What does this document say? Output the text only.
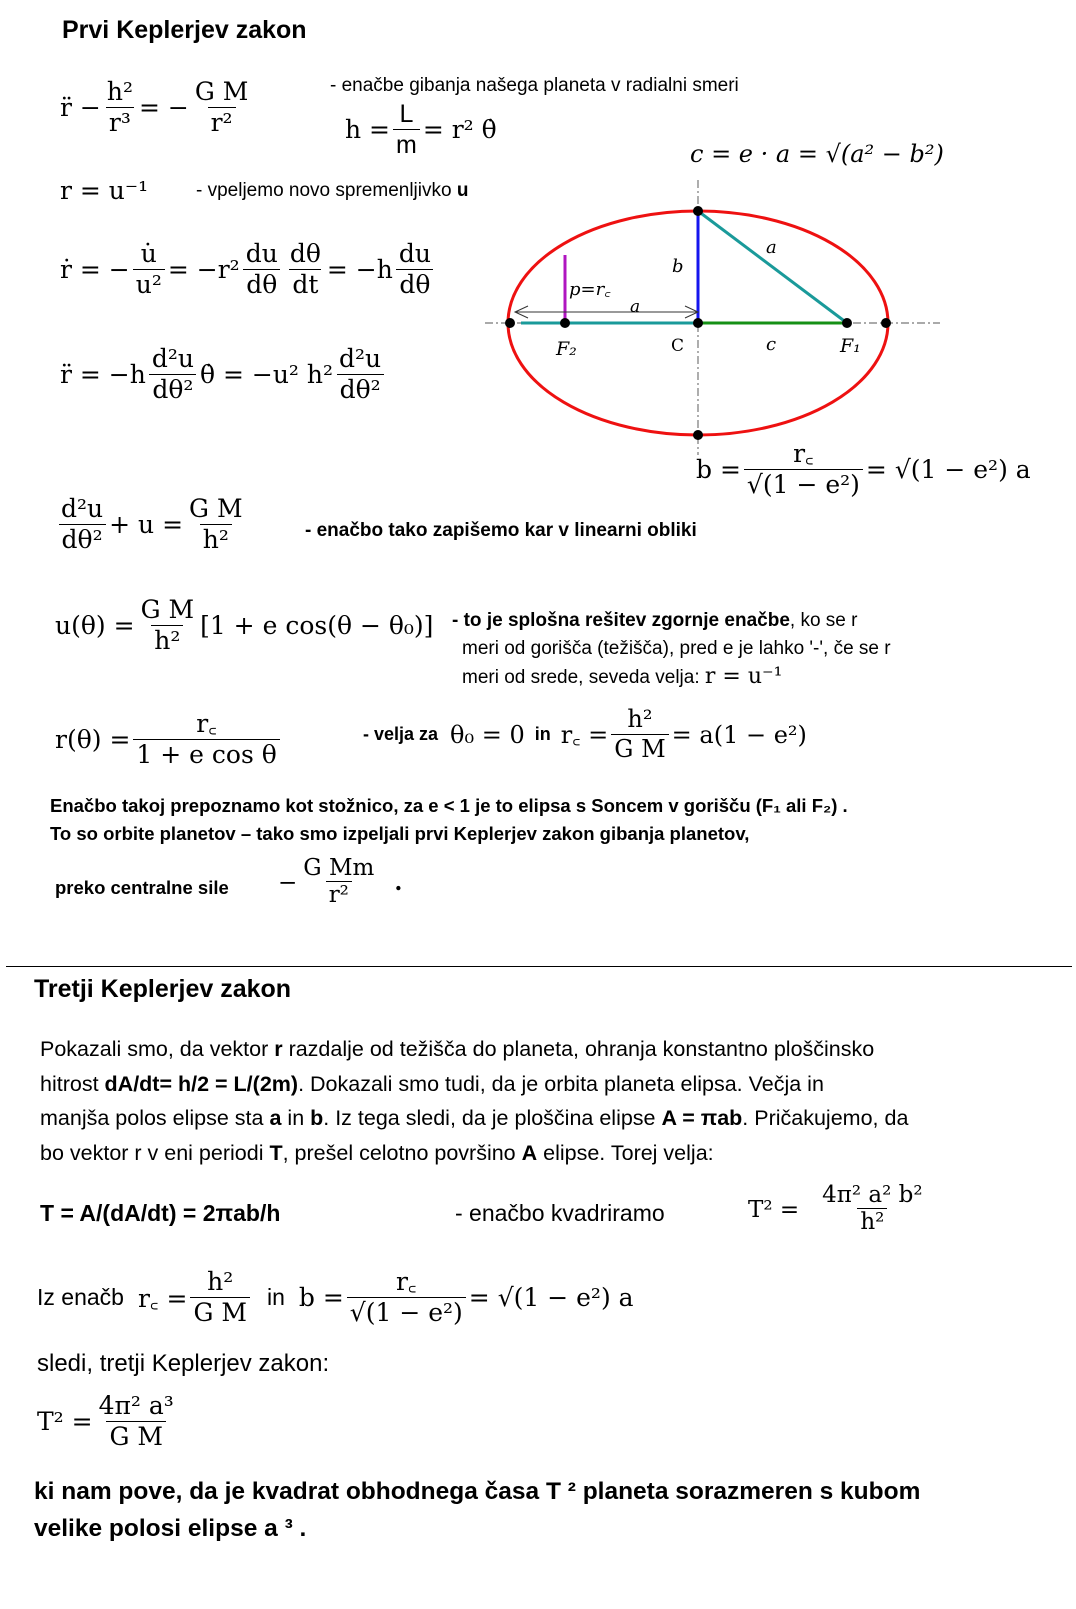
Prvi Keplerjev zakon
r̈ − $\frac{\text{h²}}{\text{r³}}$ = − $\frac{\text{G M}}{\text{r²}}$	- enačbe gibanja našega planeta v radialni smeri
$h = \frac{L}{m} = r^2$ θ̇
c = e · a = √(a² − b²)
r = u⁻¹	- vpeljemo novo spremenljivko u
ṙ = − $\frac{u̇}{\text{u²}} = -r^2 \frac{du}{d\theta} \frac{d\theta}{dt} = -h \frac{du}{d\theta}$
r̈ = $-h \frac{\text{d²u}}{\text{dθ²}}$ θ̇ = −u² $h^2 \frac{\text{d²u}}{\text{dθ²}}$
a
b
p=r꜀
a
C	c	F₁
F₂
$b = \frac{r꜀}{\text{√(1 − e²)}} = √(1 - e^2)$ a
$\frac{\text{d²u}}{\text{dθ²}} + u = \frac{\text{G M}}{\text{h²}}$	- enačbo tako zapišemo kar v linearni obliki
$u(\theta) = \frac{\text{G M}}{\text{h²}} [1 + e$ cos(θ − θ₀)] - to je splošna rešitev zgornje enačbe, ko se r
meri od gorišča (težišča), pred e je lahko '-', če se r
meri od srede, seveda velja: r = u⁻¹
$r(\theta) = \frac{r꜀}{\text{1 + e cos θ}}$	- velja za θ₀ = 0 in r꜀ = $\frac{\text{h²}}{\text{G M}} = a(1 - e^2)$
Enačbo takoj prepoznamo kot stožnico, za e < 1 je to elipsa s Soncem v gorišču (F₁ ali F₂) .
To so orbite planetov – tako smo izpeljali prvi Keplerjev zakon gibanja planetov,
preko centralne sile − $\frac{\text{G Mm}}{\text{r²}}$ .
Tretji Keplerjev zakon
Pokazali smo, da vektor r razdalje od težišča do planeta, ohranja konstantno ploščinsko
hitrost dA/dt= h/2 = L/(2m). Dokazali smo tudi, da je orbita planeta elipsa. Večja in
manjša polos elipse sta a in b. Iz tega sledi, da je ploščina elipse A = πab. Pričakujemo, da
bo vektor r v eni periodi T, prešel celotno površino A elipse. Torej velja:
T = A/(dA/dt) = 2πab/h	- enačbo kvadriramo	$T^2 = \frac{\text{4π² a² b²}}{\text{h²}}$
Iz enačb r꜀ = $\frac{\text{h²}}{\text{G M}}$ in $b = \frac{r꜀}{\text{√(1 − e²)}} = √(1 - e^2)$ a
sledi, tretji Keplerjev zakon:
$T^2 = \frac{\text{4π² a³}}{\text{G M}}$
ki nam pove, da je kvadrat obhodnega časa T ² planeta sorazmeren s kubom
velike polosi elipse a ³ .
